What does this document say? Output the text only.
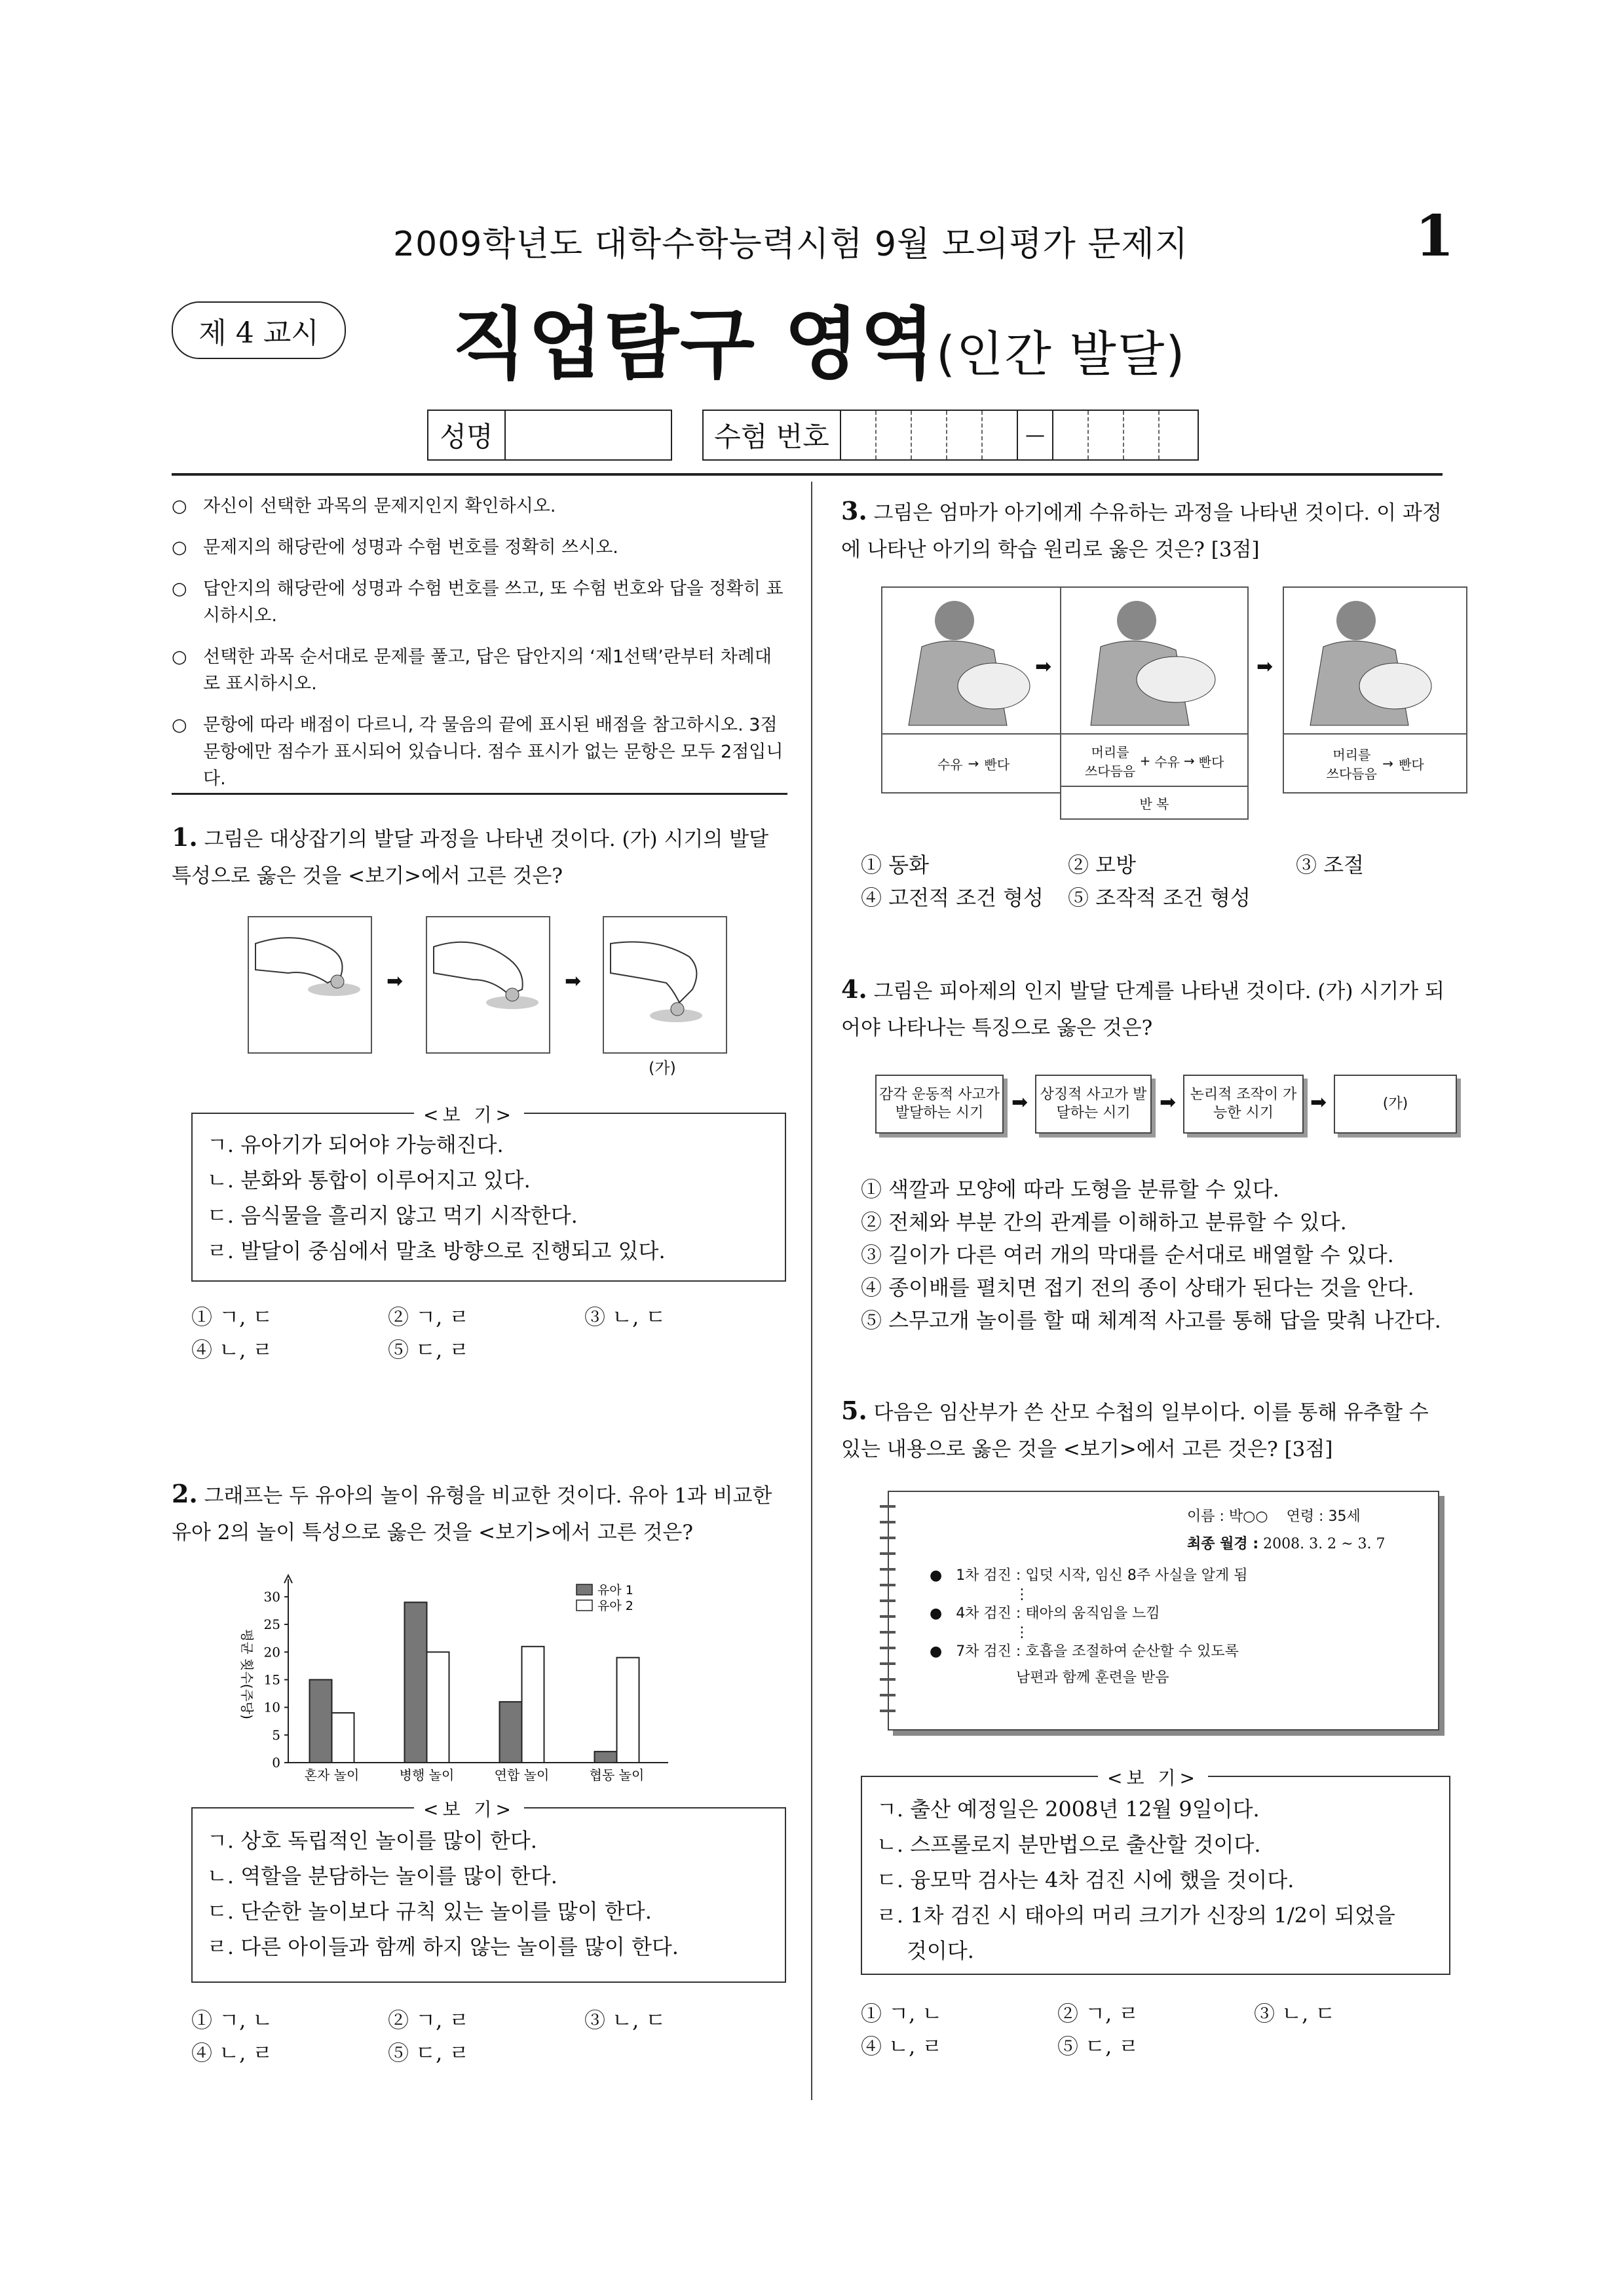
2009학년도 대학수학능력시험 9월 모의평가 문제지	1
제 4 교시 직업탐구 영역(인간 발달)
성명	수험 번호	—
○ 자신이 선택한 과목의 문제지인지 확인하시오.
○ 문제지의 해당란에 성명과 수험 번호를 정확히 쓰시오.
○ 답안지의 해당란에 성명과 수험 번호를 쓰고, 또 수험 번호와 답을 정확히 표시하시오.
○ 선택한 과목 순서대로 문제를 풀고, 답은 답안지의 ‘제1선택’란부터 차례대로 표시하시오.
○ 문항에 따라 배점이 다르니, 각 물음의 끝에 표시된 배점을 참고하시오. 3점 문항에만 점수가 표시되어 있습니다. 점수 표시가 없는 문항은 모두 2점입니다.
1. 그림은 대상잡기의 발달 과정을 나타낸 것이다. (가) 시기의 발달 특성으로 옳은 것을 <보기>에서 고른 것은?
➡	➡
(가)
<보 기>
ㄱ. 유아기가 되어야 가능해진다.
ㄴ. 분화와 통합이 이루어지고 있다.
ㄷ. 음식물을 흘리지 않고 먹기 시작한다.
ㄹ. 발달이 중심에서 말초 방향으로 진행되고 있다.
① ㄱ, ㄷ	② ㄱ, ㄹ	③ ㄴ, ㄷ
④ ㄴ, ㄹ	⑤ ㄷ, ㄹ
2. 그래프는 두 유아의 놀이 유형을 비교한 것이다. 유아 1과 비교한 유아 2의 놀이 특성으로 옳은 것을 <보기>에서 고른 것은?
0
5
10
15
20
25
30
평균 횟수(주당)
혼자 놀이	병행 놀이	연합 놀이	협동 놀이
유아 1
유아 2
<보 기>
ㄱ. 상호 독립적인 놀이를 많이 한다.
ㄴ. 역할을 분담하는 놀이를 많이 한다.
ㄷ. 단순한 놀이보다 규칙 있는 놀이를 많이 한다.
ㄹ. 다른 아이들과 함께 하지 않는 놀이를 많이 한다.
① ㄱ, ㄴ	② ㄱ, ㄹ	③ ㄴ, ㄷ
④ ㄴ, ㄹ	⑤ ㄷ, ㄹ
3. 그림은 엄마가 아기에게 수유하는 과정을 나타낸 것이다. 이 과정에 나타난 아기의 학습 원리로 옳은 것은? [3점]
수유 → 빤다
➡
머리를 쓰다듬음
+ 수유 → 빤다
반 복
➡
머리를 쓰다듬음
→ 빤다
① 동화	② 모방	③ 조절
④ 고전적 조건 형성 ⑤ 조작적 조건 형성
4. 그림은 피아제의 인지 발달 단계를 나타낸 것이다. (가) 시기가 되어야 나타나는 특징으로 옳은 것은?
감각 운동적 사고가 발달하는 시기	➡ 상징적 사고가 발달하는 시기	➡ 논리적 조작이 가능한 시기	➡	(가)
① 색깔과 모양에 따라 도형을 분류할 수 있다.
② 전체와 부분 간의 관계를 이해하고 분류할 수 있다.
③ 길이가 다른 여러 개의 막대를 순서대로 배열할 수 있다.
④ 종이배를 펼치면 접기 전의 종이 상태가 된다는 것을 안다.
⑤ 스무고개 놀이를 할 때 체계적 사고를 통해 답을 맞춰 나간다.
5. 다음은 임산부가 쓴 산모 수첩의 일부이다. 이를 통해 유추할 수 있는 내용으로 옳은 것을 <보기>에서 고른 것은? [3점]
이름 : 박○○ 연령 : 35세
최종 월경 : 2008. 3. 2 ~ 3. 7
●   1차 검진 : 입덧 시작, 임신 8주 사실을 알게 됨
⋮
●   4차 검진 : 태아의 움직임을 느낌
⋮
●   7차 검진 : 호흡을 조절하여 순산할 수 있도록
남편과 함께 훈련을 받음
<보 기>
ㄱ. 출산 예정일은 2008년 12월 9일이다.
ㄴ. 스프롤로지 분만법으로 출산할 것이다.
ㄷ. 융모막 검사는 4차 검진 시에 했을 것이다.
ㄹ. 1차 검진 시 태아의 머리 크기가 신장의 1/2이 되었을
것이다.
① ㄱ, ㄴ	② ㄱ, ㄹ	③ ㄴ, ㄷ
④ ㄴ, ㄹ	⑤ ㄷ, ㄹ
